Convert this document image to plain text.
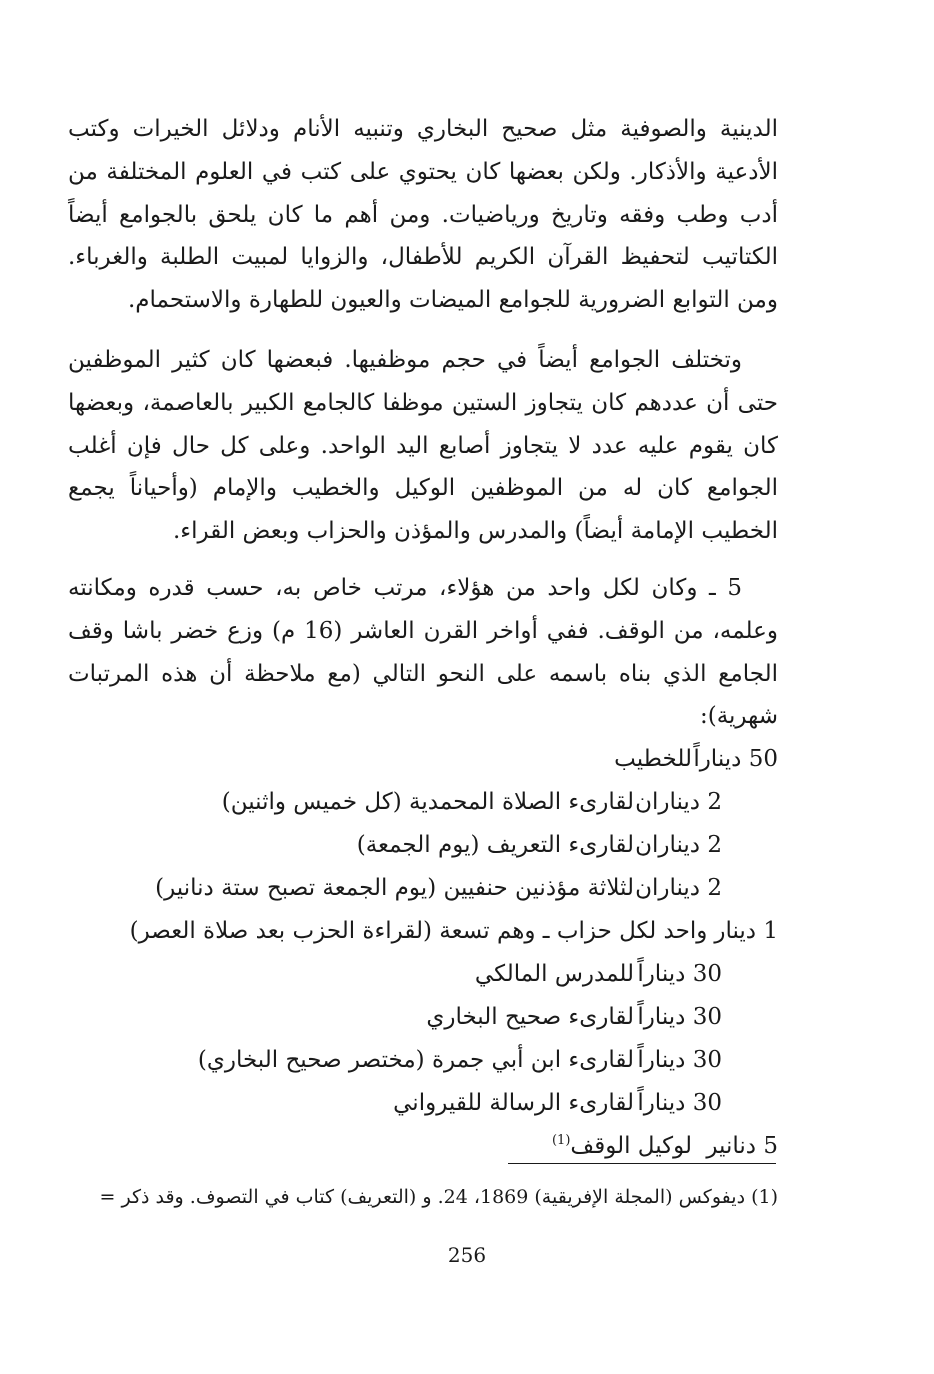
الدينية والصوفية مثل صحيح البخاري وتنبيه الأنام ودلائل الخيرات وكتب الأدعية والأذكار. ولكن بعضها كان يحتوي على كتب في العلوم المختلفة من أدب وطب وفقه وتاريخ ورياضيات. ومن أهم ما كان يلحق بالجوامع أيضاً الكتاتيب لتحفيظ القرآن الكريم للأطفال، والزوايا لمبيت الطلبة والغرباء. ومن التوابع الضرورية للجوامع الميضات والعيون للطهارة والاستحمام.

وتختلف الجوامع أيضاً في حجم موظفيها. فبعضها كان كثير الموظفين حتى أن عددهم كان يتجاوز الستين موظفا كالجامع الكبير بالعاصمة، وبعضها كان يقوم عليه عدد لا يتجاوز أصابع اليد الواحد. وعلى كل حال فإن أغلب الجوامع كان له من الموظفين الوكيل والخطيب والإمام (وأحياناً يجمع الخطيب الإمامة أيضاً) والمدرس والمؤذن والحزاب وبعض القراء.

5 ـ وكان لكل واحد من هؤلاء، مرتب خاص به، حسب قدره ومكانته وعلمه، من الوقف. ففي أواخر القرن العاشر (16 م) وزع خضر باشا وقف الجامع الذي بناه باسمه على النحو التالي (مع ملاحظة أن هذه المرتبات شهرية):

50 ديناراً
للخطيب
2 ديناران
لقارىء الصلاة المحمدية (كل خميس واثنين)
2 ديناران
لقارىء التعريف (يوم الجمعة)
2 ديناران
لثلاثة مؤذنين حنفيين (يوم الجمعة تصبح ستة دنانير)
1 دينار
واحد لكل حزاب ـ وهم تسعة (لقراءة الحزب بعد صلاة العصر)
30 ديناراً
للمدرس المالكي
30 ديناراً
لقارىء صحيح البخاري
30 ديناراً
لقارىء ابن أبي جمرة (مختصر صحيح البخاري)
30 ديناراً
لقارىء الرسالة للقيرواني
5 دنانير
لوكيل الوقف$^{(1)}$
(1) ديفوكس (المجلة الإفريقية) 1869، 24. و (التعريف) كتاب في التصوف. وقد ذكر =
256
